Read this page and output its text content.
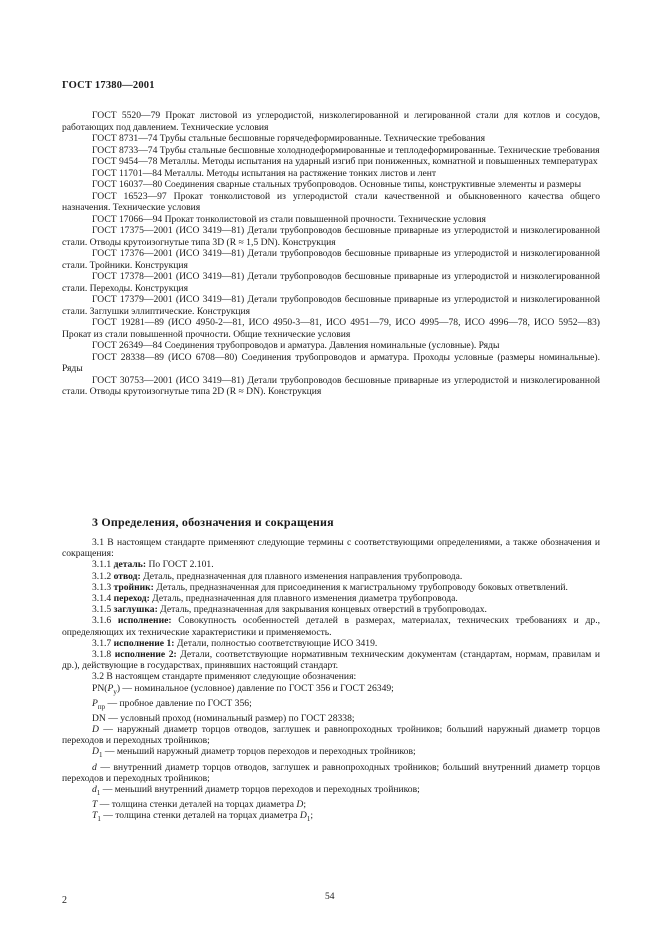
ГОСТ 17380—2001

ГОСТ 5520—79 Прокат листовой из углеродистой, низколегированной и легированной стали для котлов и сосудов, работающих под давлением. Технические условия

ГОСТ 8731—74 Трубы стальные бесшовные горячедеформированные. Технические требования

ГОСТ 8733—74 Трубы стальные бесшовные холоднодеформированные и теплодеформированные. Технические требования

ГОСТ 9454—78 Металлы. Методы испытания на ударный изгиб при пониженных, комнатной и повышенных температурах

ГОСТ 11701—84 Металлы. Методы испытания на растяжение тонких листов и лент

ГОСТ 16037—80 Соединения сварные стальных трубопроводов. Основные типы, конструктивные элементы и размеры

ГОСТ 16523—97 Прокат тонколистовой из углеродистой стали качественной и обыкновенного качества общего назначения. Технические условия

ГОСТ 17066—94 Прокат тонколистовой из стали повышенной прочности. Технические условия

ГОСТ 17375—2001 (ИСО 3419—81) Детали трубопроводов бесшовные приварные из углеродистой и низколегированной стали. Отводы крутоизогнутые типа 3D (R ≈ 1,5 DN). Конструкция

ГОСТ 17376—2001 (ИСО 3419—81) Детали трубопроводов бесшовные приварные из углеродистой и низколегированной стали. Тройники. Конструкция

ГОСТ 17378—2001 (ИСО 3419—81) Детали трубопроводов бесшовные приварные из углеродистой и низколегированной стали. Переходы. Конструкция

ГОСТ 17379—2001 (ИСО 3419—81) Детали трубопроводов бесшовные приварные из углеродистой и низколегированной стали. Заглушки эллиптические. Конструкция

ГОСТ 19281—89 (ИСО 4950-2—81, ИСО 4950-3—81, ИСО 4951—79, ИСО 4995—78, ИСО 4996—78, ИСО 5952—83) Прокат из стали повышенной прочности. Общие технические условия

ГОСТ 26349—84 Соединения трубопроводов и арматура. Давления номинальные (условные). Ряды

ГОСТ 28338—89 (ИСО 6708—80) Соединения трубопроводов и арматура. Проходы условные (размеры номинальные). Ряды

ГОСТ 30753—2001 (ИСО 3419—81) Детали трубопроводов бесшовные приварные из углеродистой и низколегированной стали. Отводы крутоизогнутые типа 2D (R ≈ DN). Конструкция

3 Определения, обозначения и сокращения

3.1 В настоящем стандарте применяют следующие термины с соответствующими определениями, а также обозначения и сокращения:

3.1.1 деталь: По ГОСТ 2.101.

3.1.2 отвод: Деталь, предназначенная для плавного изменения направления трубопровода.

3.1.3 тройник: Деталь, предназначенная для присоединения к магистральному трубопроводу боковых ответвлений.

3.1.4 переход: Деталь, предназначенная для плавного изменения диаметра трубопровода.

3.1.5 заглушка: Деталь, предназначенная для закрывания концевых отверстий в трубопроводах.

3.1.6 исполнение: Совокупность особенностей деталей в размерах, материалах, технических требованиях и др., определяющих их технические характеристики и применяемость.

3.1.7 исполнение 1: Детали, полностью соответствующие ИСО 3419.

3.1.8 исполнение 2: Детали, соответствующие нормативным техническим документам (стандартам, нормам, правилам и др.), действующие в государствах, принявших настоящий стандарт.

3.2 В настоящем стандарте применяют следующие обозначения:

$PN(P_у)$ — номинальное (условное) давление по ГОСТ 356 и ГОСТ 26349;

$P_{пр}$ — пробное давление по ГОСТ 356;

DN — условный проход (номинальный размер) по ГОСТ 28338;

D — наружный диаметр торцов отводов, заглушек и равнопроходных тройников; больший наружный диаметр торцов переходов и переходных тройников;

$D_1$ — меньший наружный диаметр торцов переходов и переходных тройников;

d — внутренний диаметр торцов отводов, заглушек и равнопроходных тройников; больший внутренний диаметр торцов переходов и переходных тройников;

$d_1$ — меньший внутренний диаметр торцов переходов и переходных тройников;

T — толщина стенки деталей на торцах диаметра D;

$T_1$ — толщина стенки деталей на торцах диаметра $D_1$;

2	54
